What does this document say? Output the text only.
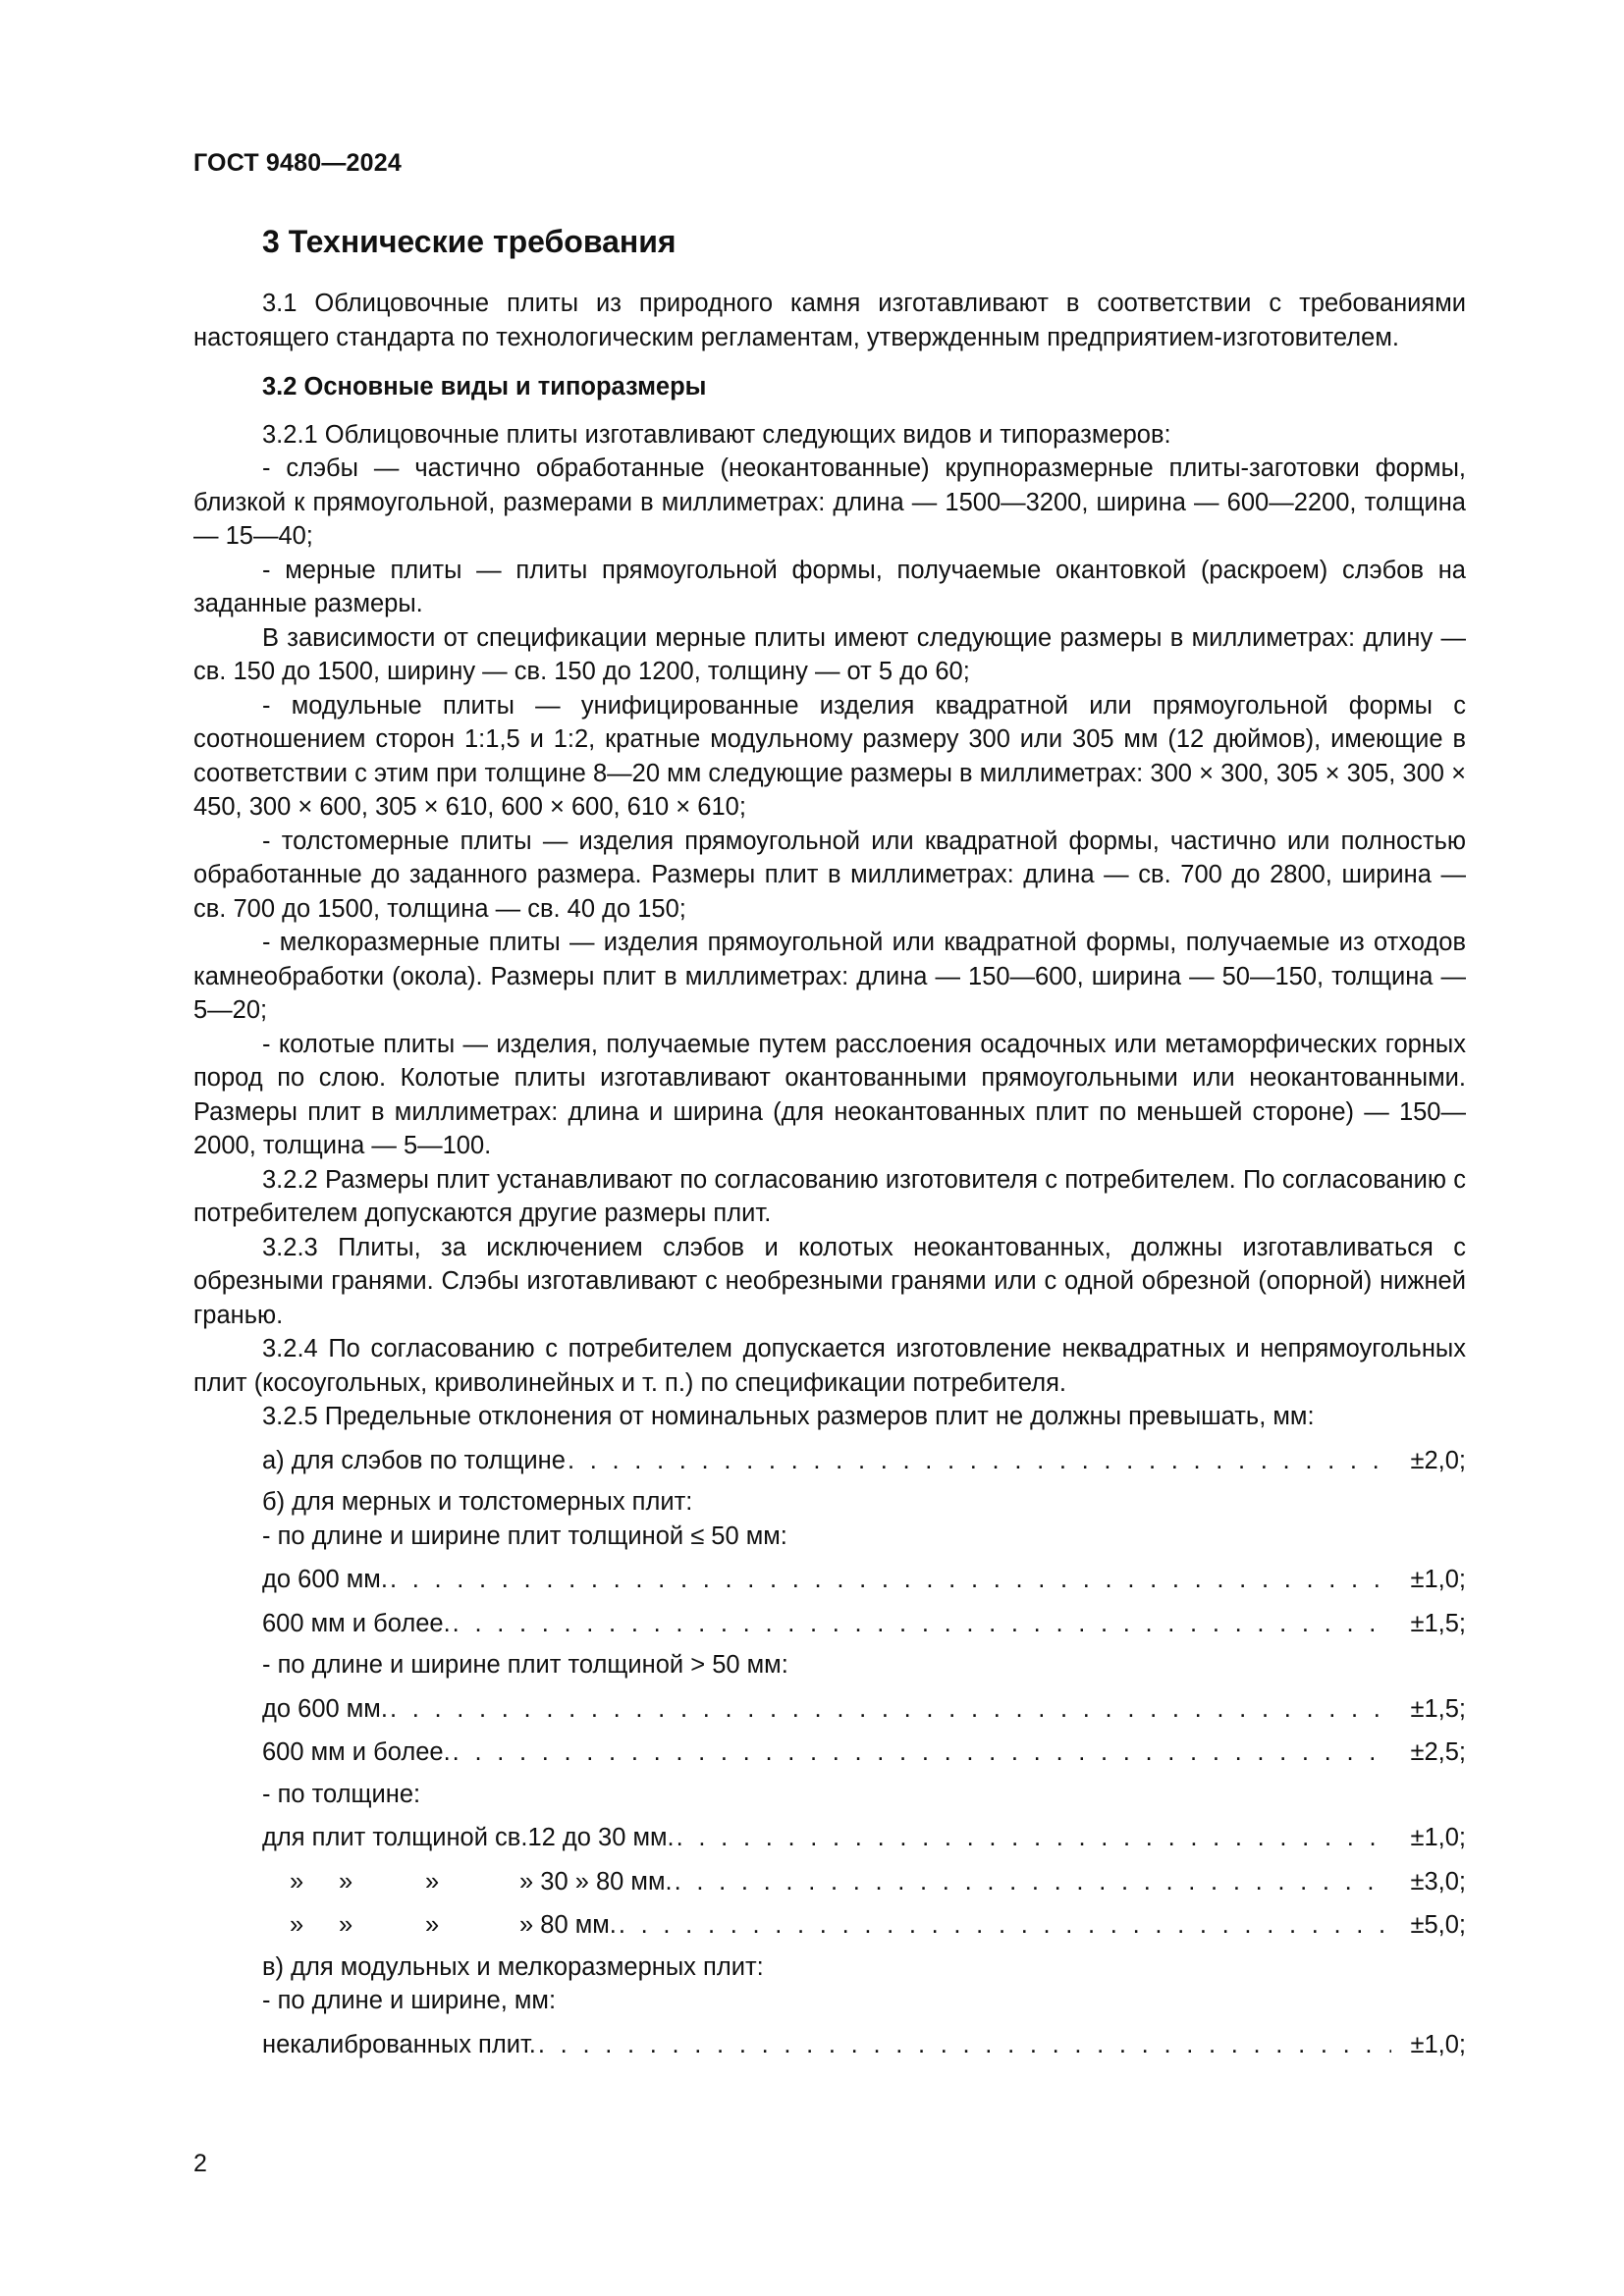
ГОСТ 9480—2024
3 Технические требования

3.1 Облицовочные плиты из природного камня изготавливают в соответствии с требованиями настоящего стандарта по технологическим регламентам, утвержденным предприятием-изготовителем.

3.2 Основные виды и типоразмеры

3.2.1 Облицовочные плиты изготавливают следующих видов и типоразмеров:

- слэбы — частично обработанные (неокантованные) крупноразмерные плиты-заготовки формы, близкой к прямоугольной, размерами в миллиметрах: длина — 1500—3200, ширина — 600—2200, толщина — 15—40;

- мерные плиты — плиты прямоугольной формы, получаемые окантовкой (раскроем) слэбов на заданные размеры.

В зависимости от спецификации мерные плиты имеют следующие размеры в миллиметрах: длину — св. 150 до 1500, ширину — св. 150 до 1200, толщину — от 5 до 60;

- модульные плиты — унифицированные изделия квадратной или прямоугольной формы с соотношением сторон 1:1,5 и 1:2, кратные модульному размеру 300 или 305 мм (12 дюймов), имеющие в соответствии с этим при толщине 8—20 мм следующие размеры в миллиметрах: 300 × 300, 305 × 305, 300 × 450, 300 × 600, 305 × 610, 600 × 600, 610 × 610;

- толстомерные плиты — изделия прямоугольной или квадратной формы, частично или полностью обработанные до заданного размера. Размеры плит в миллиметрах: длина — св. 700 до 2800, ширина — св. 700 до 1500, толщина — св. 40 до 150;

- мелкоразмерные плиты — изделия прямоугольной или квадратной формы, получаемые из отходов камнеобработки (окола). Размеры плит в миллиметрах: длина — 150—600, ширина — 50—150, толщина — 5—20;

- колотые плиты — изделия, получаемые путем расслоения осадочных или метаморфических горных пород по слою. Колотые плиты изготавливают окантованными прямоугольными или неокантованными. Размеры плит в миллиметрах: длина и ширина (для неокантованных плит по меньшей стороне) — 150—2000, толщина — 5—100.

3.2.2 Размеры плит устанавливают по согласованию изготовителя с потребителем. По согласованию с потребителем допускаются другие размеры плит.

3.2.3 Плиты, за исключением слэбов и колотых неокантованных, должны изготавливаться с обрезными гранями. Слэбы изготавливают с необрезными гранями или с одной обрезной (опорной) нижней гранью.

3.2.4 По согласованию с потребителем допускается изготовление неквадратных и непрямоугольных плит (косоугольных, криволинейных и т. п.) по спецификации потребителя.

3.2.5 Предельные отклонения от номинальных размеров плит не должны превышать, мм:

а) для слэбов по толщине . . .	±2,0;
б) для мерных и толстомерных плит:
- по длине и ширине плит толщиной ≤ 50 мм:
до 600 мм. . . .	±1,0;
600 мм и более. . . .	±1,5;
- по длине и ширине плит толщиной > 50 мм:
до 600 мм. . . .	±1,5;
600 мм и более. . . .	±2,5;
- по толщине:
для плит толщиной св.12 до 30 мм. . . .	±1,0;
» »	»	» 30 » 80 мм. . . .	±3,0;
» »	»	» 80 мм. . . .	±5,0;
в) для модульных и мелкоразмерных плит:
- по длине и ширине, мм:
некалиброванных плит. . . .	±1,0;
2
